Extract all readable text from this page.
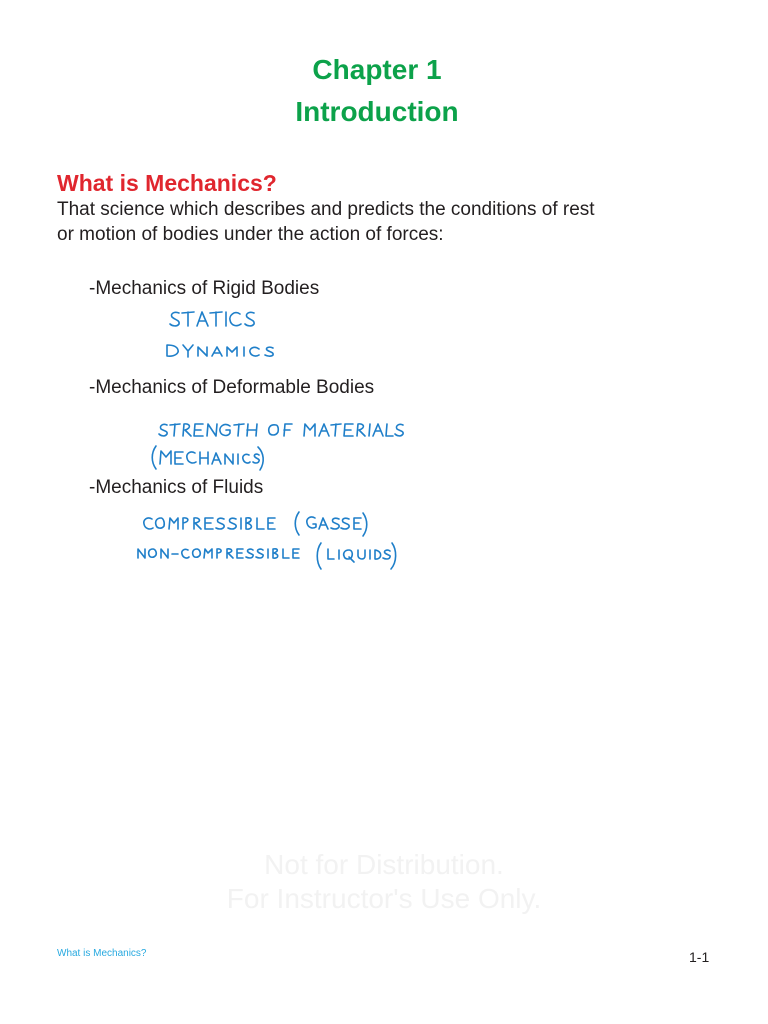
Chapter 1
Introduction
What is Mechanics?
That science which describes and predicts the conditions of rest
or motion of bodies under the action of forces:
-Mechanics of Rigid Bodies
-Mechanics of Deformable Bodies
-Mechanics of Fluids
Not for Distribution.
For Instructor's Use Only.
What is Mechanics?	1-1
